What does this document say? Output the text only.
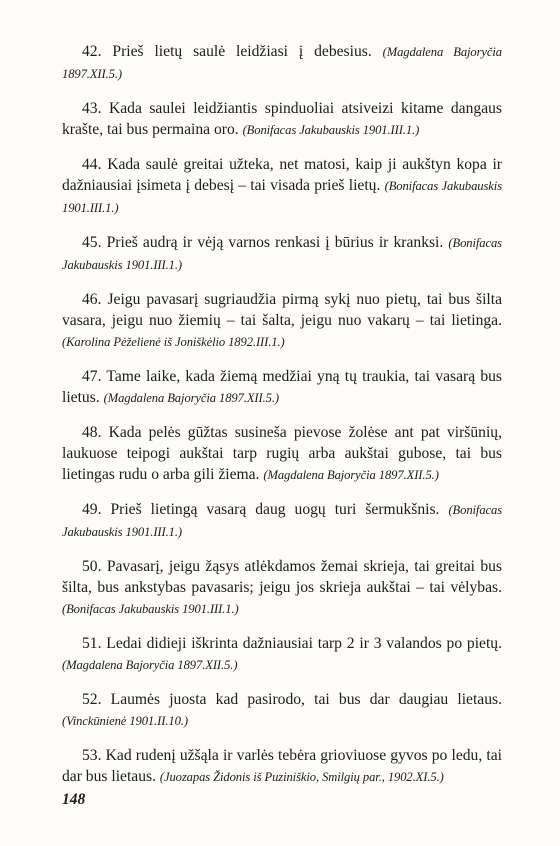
42. Prieš lietų saulė leidžiasi į debesius. (Magdalena Bajoryčia 1897.XII.5.)

43. Kada saulei leidžiantis spinduoliai atsiveizi kitame dangaus krašte, tai bus permaina oro. (Bonifacas Jakubauskis 1901.III.1.)

44. Kada saulė greitai užteka, net matosi, kaip ji aukštyn kopa ir dažniausiai įsimeta į debesį – tai visada prieš lietų. (Bonifacas Jakubauskis 1901.III.1.)

45. Prieš audrą ir vėją varnos renkasi į būrius ir kranksi. (Bonifacas Jakubauskis 1901.III.1.)

46. Jeigu pavasarį sugriaudžia pirmą sykį nuo pietų, tai bus šilta vasara, jeigu nuo žiemių – tai šalta, jeigu nuo vakarų – tai lietinga. (Karolina Pėželienė iš Joniškėlio 1892.III.1.)

47. Tame laike, kada žiemą medžiai yną tų traukia, tai vasarą bus lietus. (Magdalena Bajoryčia 1897.XII.5.)

48. Kada pelės gūžtas susineša pievose žolėse ant pat viršūnių, laukuose teipogi aukštai tarp rugių arba aukštai gubose, tai bus lietingas rudu o arba gili žiema. (Magdalena Bajoryčia 1897.XII.5.)

49. Prieš lietingą vasarą daug uogų turi šermukšnis. (Bonifacas Jakubauskis 1901.III.1.)

50. Pavasarį, jeigu žąsys atlėkdamos žemai skrieja, tai greitai bus šilta, bus ankstybas pavasaris; jeigu jos skrieja aukštai – tai vėlybas. (Bonifacas Jakubauskis 1901.III.1.)

51. Ledai didieji iškrinta dažniausiai tarp 2 ir 3 valandos po pietų. (Magdalena Bajoryčia 1897.XII.5.)

52. Laumės juosta kad pasirodo, tai bus dar daugiau lietaus. (Vinckūnienė 1901.II.10.)

53. Kad rudenį užšąla ir varlės tebėra grioviuose gyvos po ledu, tai dar bus lietaus. (Juozapas Židonis iš Puziniškio, Smilgių par., 1902.XI.5.)

148
